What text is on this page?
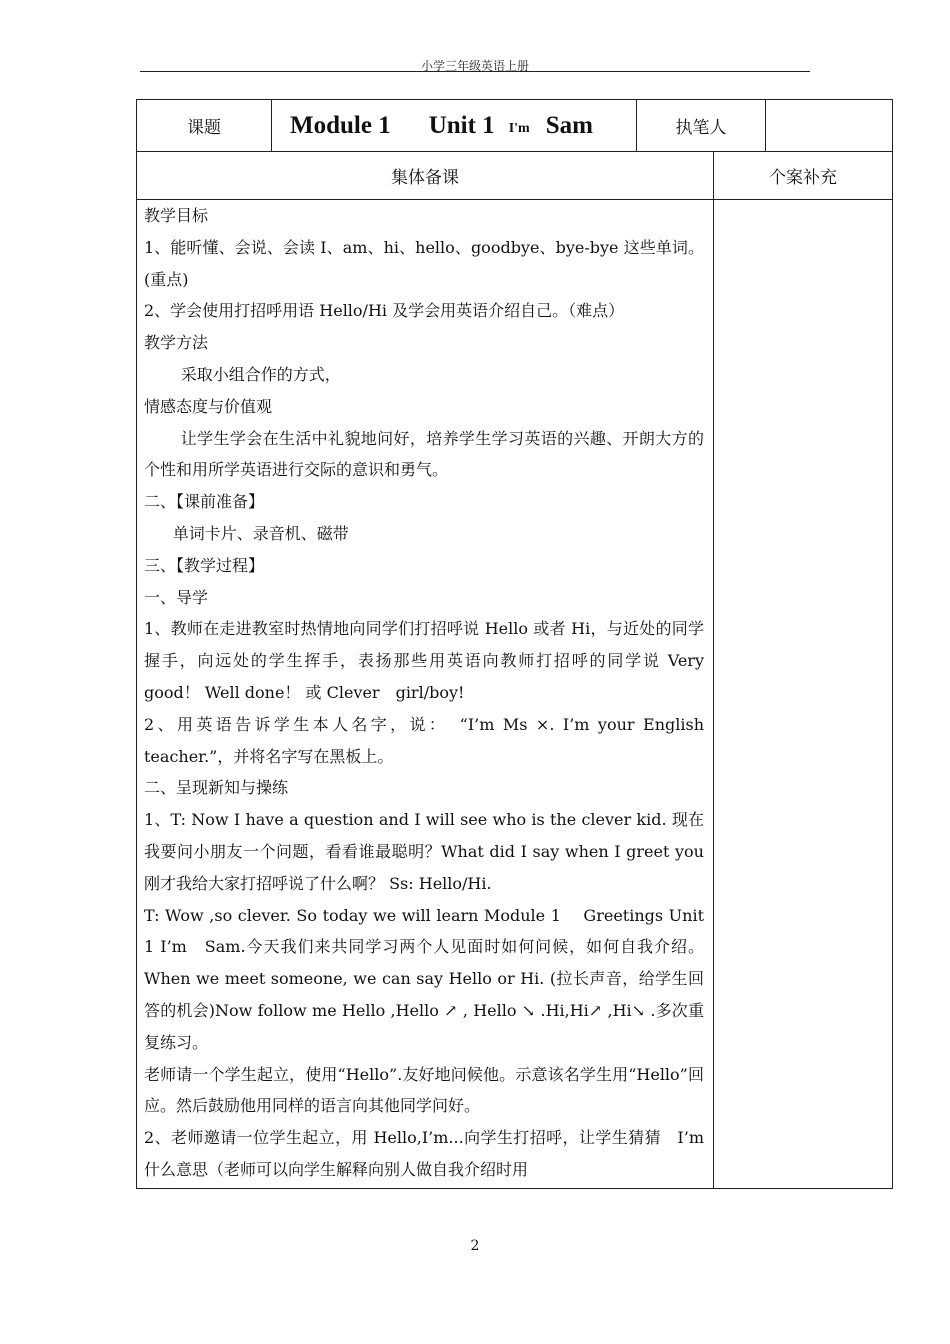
小学三年级英语上册
课题	Module 1 Unit 1 I'm Sam	执笔人
集体备课	个案补充

教学目标

1、能听懂、会说、会读 I、am、hi、hello、goodbye、bye-bye 这些单词。(重点)

2、学会使用打招呼用语 Hello/Hi 及学会用英语介绍自己。（难点）

教学方法

采取小组合作的方式，

情感态度与价值观

让学生学会在生活中礼貌地问好，培养学生学习英语的兴趣、开朗大方的个性和用所学英语进行交际的意识和勇气。

二、【课前准备】

单词卡片、录音机、磁带

三、【教学过程】

一、导学

1、教师在走进教室时热情地向同学们打招呼说 Hello 或者 Hi，与近处的同学握手，向远处的学生挥手，表扬那些用英语向教师打招呼的同学说 Very good！ Well done！ 或 Clever　girl/boy!

2、用英语告诉学生本人名字，说：　“I’m Ms ×. I’m your English teacher.”，并将名字写在黑板上。

二、呈现新知与操练

1、T: Now I have a question and I will see who is the clever kid. 现在我要问小朋友一个问题，看看谁最聪明？What did I say when I greet you 刚才我给大家打招呼说了什么啊？ Ss: Hello/Hi.

T: Wow ,so clever. So today we will learn Module 1　 Greetings Unit 1 I’m　Sam.今天我们来共同学习两个人见面时如何问候，如何自我介绍。When we meet someone, we can say Hello or Hi. (拉长声音，给学生回答的机会)Now follow me Hello ,Hello ↗ , Hello ↘ .Hi,Hi↗ ,Hi↘ .多次重复练习。

老师请一个学生起立，使用“Hello”.友好地问候他。示意该名学生用“Hello”回应。然后鼓励他用同样的语言向其他同学问好。

2、老师邀请一位学生起立，用 Hello,I’m...向学生打招呼，让学生猜猜　I’m　什么意思（老师可以向学生解释向别人做自我介绍时用

2
